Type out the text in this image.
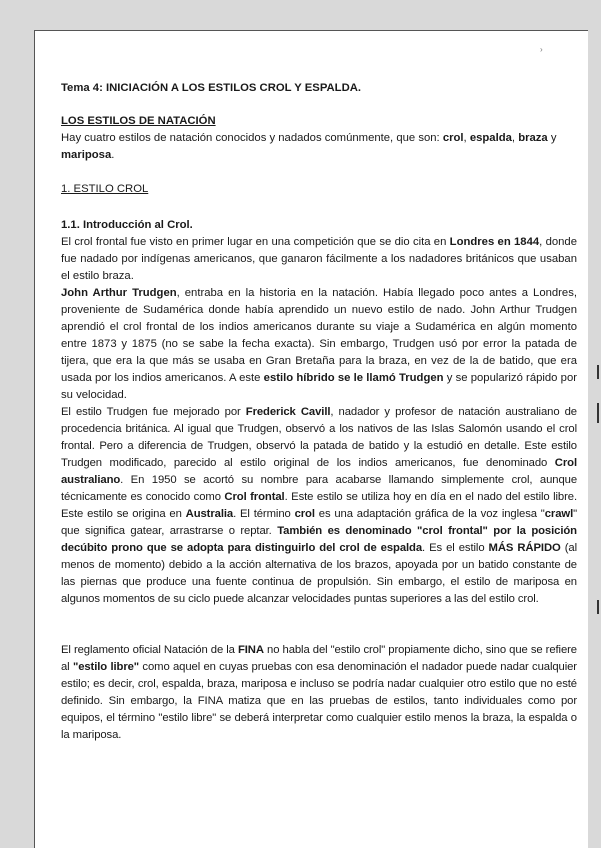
›

Tema 4: INICIACIÓN A LOS ESTILOS CROL Y ESPALDA.

LOS ESTILOS DE NATACIÓN

Hay cuatro estilos de natación conocidos y nadados comúnmente, que son: crol, espalda, braza y mariposa.

1. ESTILO CROL

1.1. Introducción al Crol.

El crol frontal fue visto en primer lugar en una competición que se dio cita en Londres en 1844, donde fue nadado por indígenas americanos, que ganaron fácilmente a los nadadores británicos que usaban el estilo braza.

John Arthur Trudgen, entraba en la historia en la natación. Había llegado poco antes a Londres, proveniente de Sudamérica donde había aprendido un nuevo estilo de nado. John Arthur Trudgen aprendió el crol frontal de los indios americanos durante su viaje a Sudamérica en algún momento entre 1873 y 1875 (no se sabe la fecha exacta). Sin embargo, Trudgen usó por error la patada de tijera, que era la que más se usaba en Gran Bretaña para la braza, en vez de la de batido, que era usada por los indios americanos. A este estilo híbrido se le llamó Trudgen y se popularizó rápido por su velocidad.

El estilo Trudgen fue mejorado por Frederick Cavill, nadador y profesor de natación australiano de procedencia británica. Al igual que Trudgen, observó a los nativos de las Islas Salomón usando el crol frontal. Pero a diferencia de Trudgen, observó la patada de batido y la estudió en detalle. Este estilo Trudgen modificado, parecido al estilo original de los indios americanos, fue denominado Crol australiano. En 1950 se acortó su nombre para acabarse llamando simplemente crol, aunque técnicamente es conocido como Crol frontal. Este estilo se utiliza hoy en día en el nado del estilo libre. Este estilo se origina en Australia. El término crol es una adaptación gráfica de la voz inglesa "crawl" que significa gatear, arrastrarse o reptar. También es denominado "crol frontal" por la posición decúbito prono que se adopta para distinguirlo del crol de espalda. Es el estilo MÁS RÁPIDO (al menos de momento) debido a la acción alternativa de los brazos, apoyada por un batido constante de las piernas que produce una fuente continua de propulsión. Sin embargo, el estilo de mariposa en algunos momentos de su ciclo puede alcanzar velocidades puntas superiores a las del estilo crol.

El reglamento oficial Natación de la FINA no habla del "estilo crol" propiamente dicho, sino que se refiere al "estilo libre" como aquel en cuyas pruebas con esa denominación el nadador puede nadar cualquier estilo; es decir, crol, espalda, braza, mariposa e incluso se podría nadar cualquier otro estilo que no esté definido. Sin embargo, la FINA matiza que en las pruebas de estilos, tanto individuales como por equipos, el término "estilo libre" se deberá interpretar como cualquier estilo menos la braza, la espalda o la mariposa.
